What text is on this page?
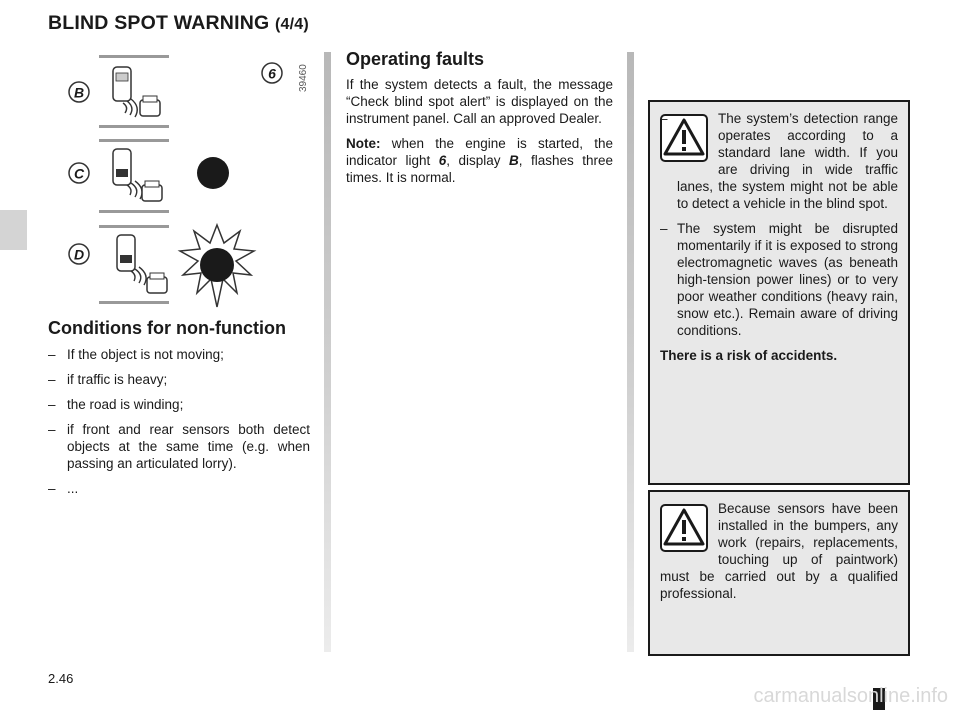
BLIND SPOT WARNING (4/4)
B
C
D
6 39460
Conditions for non-function
– If the object is not moving;
– if traffic is heavy;
– the road is winding;
– if front and rear sensors both detect objects at the same time (e.g. when passing an articulated lorry).
– ...
Operating faults

If the system detects a fault, the message “Check blind spot alert” is displayed on the instrument panel. Call an approved Dealer.

Note: when the engine is started, the indicator light 6, display B, flashes three times. It is normal.

–	The system’s detection range operates according to a standard lane width. If you are driving in wide traffic lanes, the system might not be able to detect a vehicle in the blind spot.
– The system might be disrupted momentarily if it is exposed to strong electromagnetic waves (as beneath high-tension power lines) or to very poor weather conditions (heavy rain, snow etc.). Remain aware of driving conditions.

There is a risk of accidents.

Because sensors have been installed in the bumpers, any work (repairs, replacements, touching up of paintwork) must be carried out by a qualified professional.

2.46
carmanualsonline.info
